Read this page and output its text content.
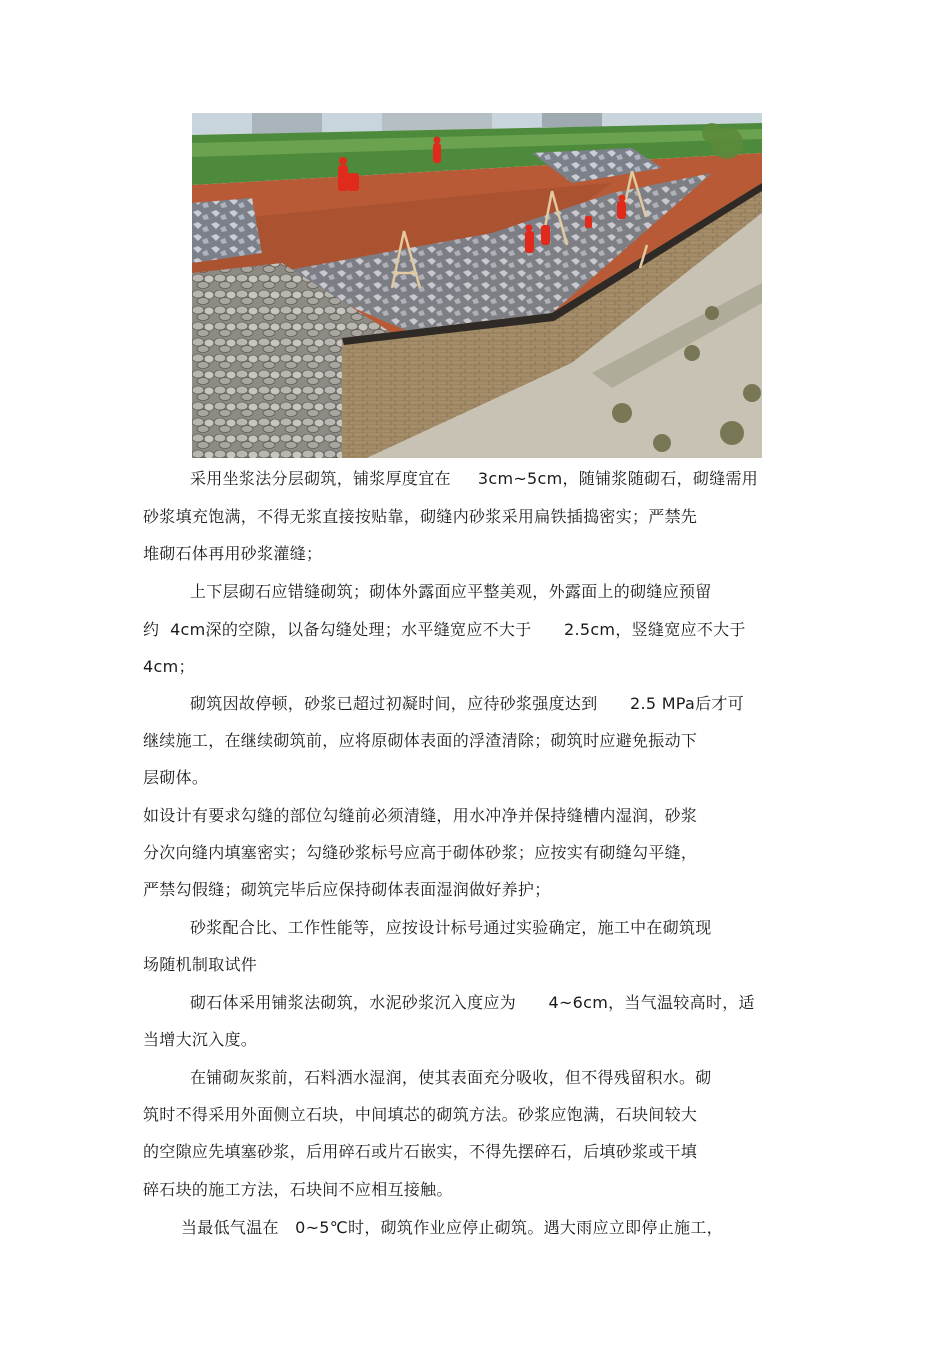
采用坐浆法分层砌筑，铺浆厚度宜在　  3cm~5cm，随铺浆随砌石，砌缝需用
砂浆填充饱满，不得无浆直接按贴靠，砌缝内砂浆采用扁铁插捣密实；严禁先
堆砌石体再用砂浆灌缝；
上下层砌石应错缝砌筑；砌体外露面应平整美观，外露面上的砌缝应预留
约  4cm深的空隙，以备勾缝处理；水平缝宽应不大于　   2.5cm，竖缝宽应不大于
4cm；
砌筑因故停顿，砂浆已超过初凝时间，应待砂浆强度达到　   2.5 MPa后才可
继续施工，在继续砌筑前，应将原砌体表面的浮渣清除；砌筑时应避免振动下
层砌体。
如设计有要求勾缝的部位勾缝前必须清缝，用水冲净并保持缝槽内湿润，砂浆
分次向缝内填塞密实；勾缝砂浆标号应高于砌体砂浆；应按实有砌缝勾平缝，
严禁勾假缝；砌筑完毕后应保持砌体表面湿润做好养护；
砂浆配合比、工作性能等，应按设计标号通过实验确定，施工中在砌筑现
场随机制取试件
砌石体采用铺浆法砌筑，水泥砂浆沉入度应为　   4~6cm，当气温较高时，适
当增大沉入度。
在铺砌灰浆前，石料洒水湿润，使其表面充分吸收，但不得残留积水。砌
筑时不得采用外面侧立石块，中间填芯的砌筑方法。砂浆应饱满，石块间较大
的空隙应先填塞砂浆，后用碎石或片石嵌实，不得先摆碎石，后填砂浆或干填
碎石块的施工方法，石块间不应相互接触。
当最低气温在　0~5℃时，砌筑作业应停止砌筑。遇大雨应立即停止施工，
